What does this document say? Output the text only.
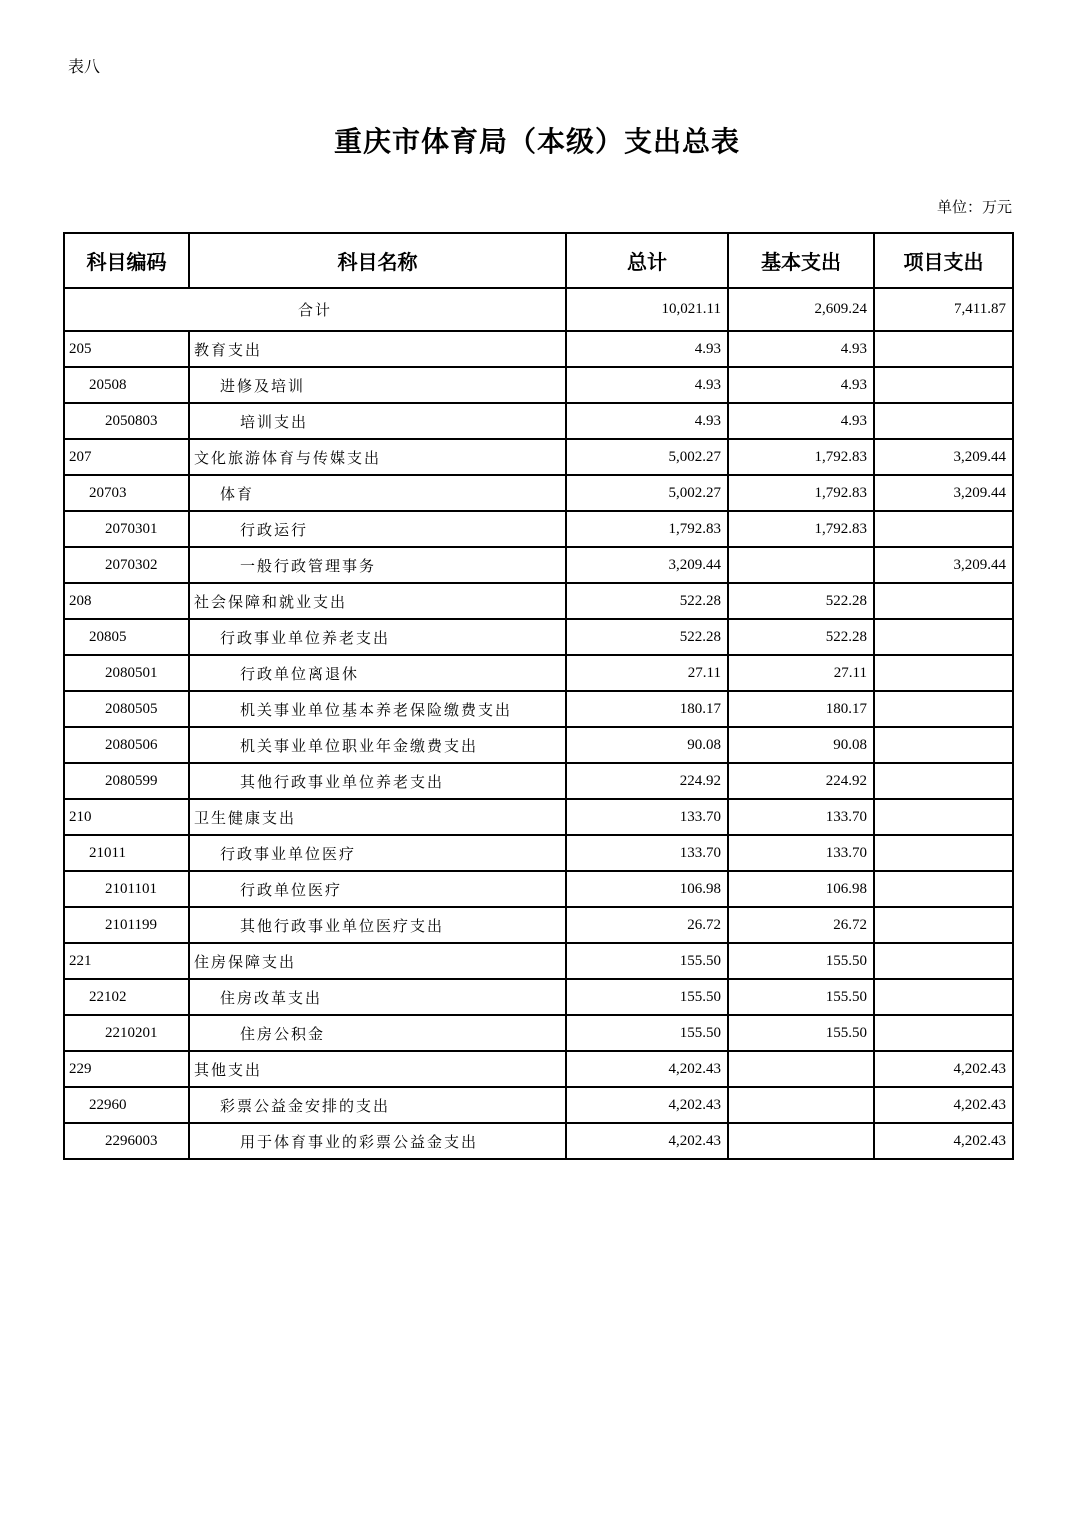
表八
重庆市体育局（本级）支出总表
单位：万元
科目编码	科目名称	总计	基本支出	项目支出
合计		10,021.11	2,609.24	7,411.87
205	教育支出	4.93	4.93	
20508	进修及培训	4.93	4.93	
2050803	培训支出	4.93	4.93	
207	文化旅游体育与传媒支出	5,002.27	1,792.83	3,209.44
20703	体育	5,002.27	1,792.83	3,209.44
2070301	行政运行	1,792.83	1,792.83	
2070302	一般行政管理事务	3,209.44		3,209.44
208	社会保障和就业支出	522.28	522.28	
20805	行政事业单位养老支出	522.28	522.28	
2080501	行政单位离退休	27.11	27.11	
2080505	机关事业单位基本养老保险缴费支出	180.17	180.17	
2080506	机关事业单位职业年金缴费支出	90.08	90.08	
2080599	其他行政事业单位养老支出	224.92	224.92	
210	卫生健康支出	133.70	133.70	
21011	行政事业单位医疗	133.70	133.70	
2101101	行政单位医疗	106.98	106.98	
2101199	其他行政事业单位医疗支出	26.72	26.72	
221	住房保障支出	155.50	155.50	
22102	住房改革支出	155.50	155.50	
2210201	住房公积金	155.50	155.50	
229	其他支出	4,202.43		4,202.43
22960	彩票公益金安排的支出	4,202.43		4,202.43
2296003	用于体育事业的彩票公益金支出	4,202.43		4,202.43
